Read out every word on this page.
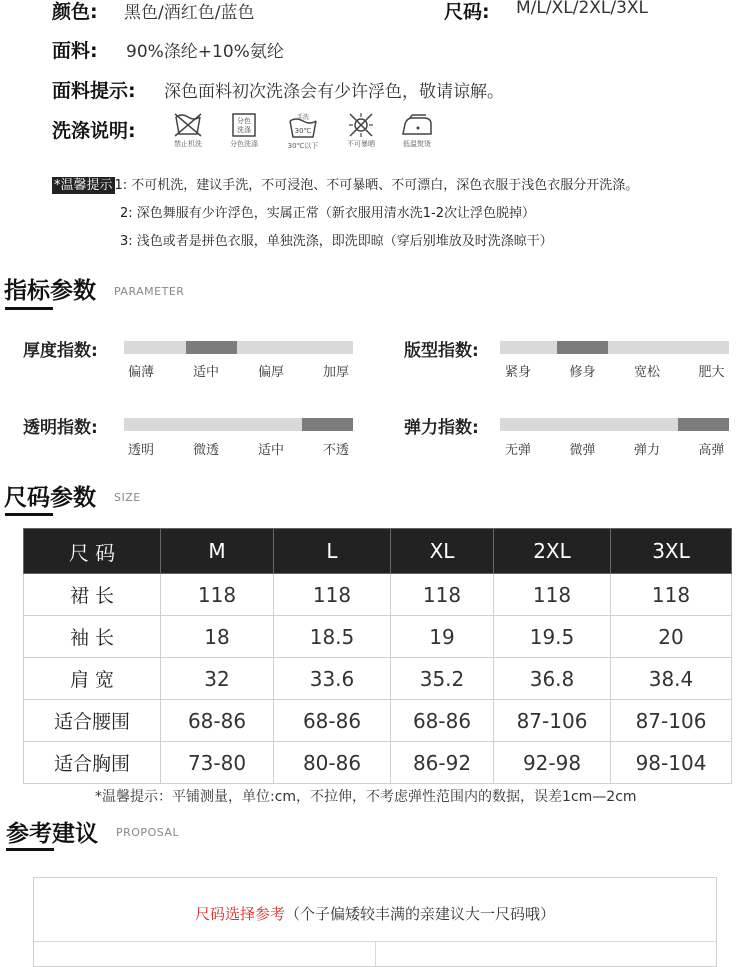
颜色: 黑色/酒红色/蓝色	尺码: M/L/XL/2XL/3XL
面料: 90%涤纶+10%氨纶
面料提示: 深色面料初次洗涤会有少许浮色，敬请谅解。
洗涤说明:
禁止机洗
分色
洗涤
分色洗涤
手洗
30℃
30℃以下	不可暴晒	低温熨烫
*温馨提示 1: 不可机洗，建议手洗，不可浸泡、不可暴晒、不可漂白，深色衣服于浅色衣服分开洗涤。
2: 深色舞服有少许浮色，实属正常（新衣服用清水洗1-2次让浮色脱掉）
3: 浅色或者是拼色衣服，单独洗涤，即洗即晾（穿后别堆放及时洗涤晾干）
指标参数 PARAMETER
厚度指数:
偏薄	适中	偏厚	加厚
版型指数:
紧身	修身	宽松	肥大
透明指数:
透明	微透	适中	不透
弹力指数:
无弹	微弹	弹力	高弹
尺码参数 SIZE
尺 码	M	L	XL	2XL	3XL
裙 长	118	118	118	118	118
袖 长	18	18.5	19	19.5	20
肩 宽	32	33.6	35.2	36.8	38.4
适合腰围	68-86	68-86	68-86	87-106	87-106
适合胸围	73-80	80-86	86-92	92-98	98-104
*温馨提示：平铺测量，单位:cm，不拉伸，不考虑弹性范围内的数据，误差1cm—2cm
参考建议 PROPOSAL
尺码选择参考（个子偏矮较丰满的亲建议大一尺码哦）
